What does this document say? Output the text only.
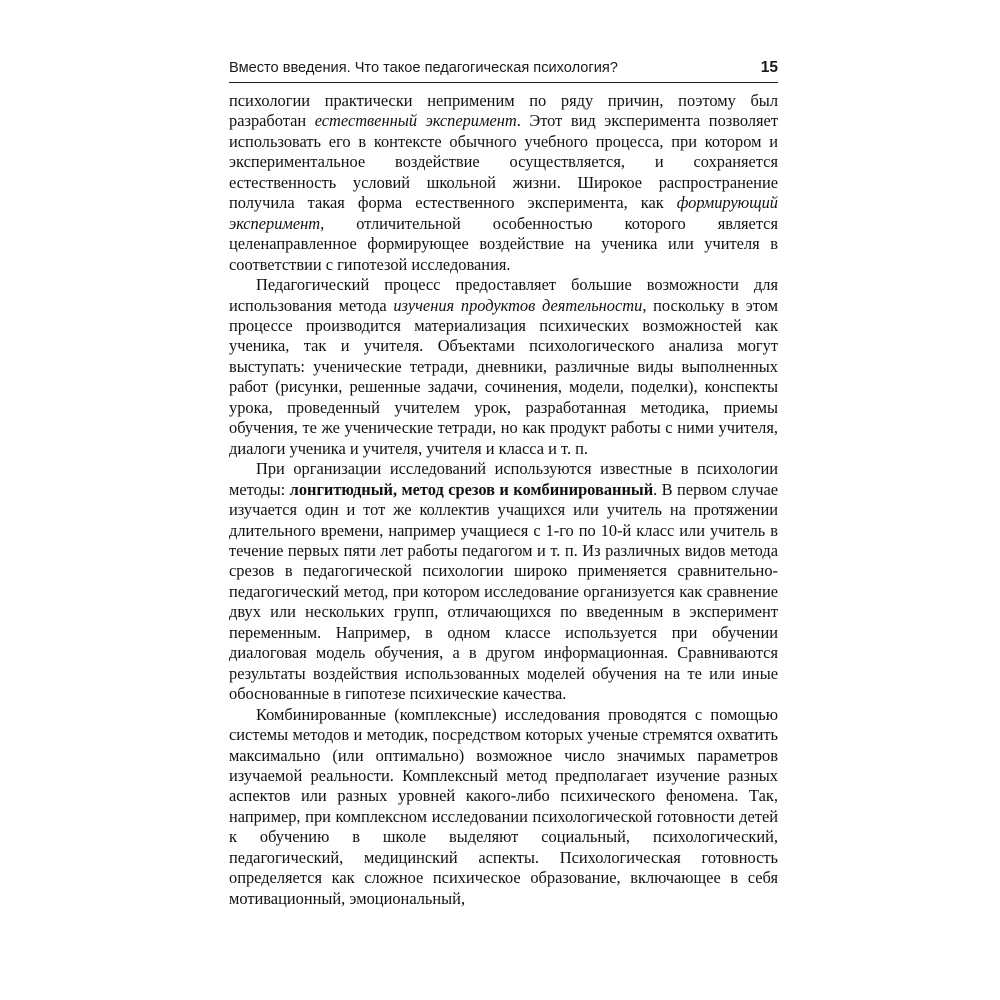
Вместо введения. Что такое педагогическая психология?	15

психологии практически неприменим по ряду причин, поэтому был разработан естественный эксперимент. Этот вид эксперимента позволяет использовать его в контексте обычного учебного процесса, при котором и экспериментальное воздействие осуществляется, и сохраняется естественность условий школьной жизни. Широкое распространение получила такая форма естественного эксперимента, как формирующий эксперимент, отличительной особенностью которого является целенаправленное формирующее воздействие на ученика или учителя в соответствии с гипотезой исследования.

Педагогический процесс предоставляет большие возможности для использования метода изучения продуктов деятельности, поскольку в этом процессе производится материализация психических возможностей как ученика, так и учителя. Объектами психологического анализа могут выступать: ученические тетради, дневники, различные виды выполненных работ (рисунки, решенные задачи, сочинения, модели, поделки), конспекты урока, проведенный учителем урок, разработанная методика, приемы обучения, те же ученические тетради, но как продукт работы с ними учителя, диалоги ученика и учителя, учителя и класса и т. п.

При организации исследований используются известные в психологии методы: лонгитюдный, метод срезов и комбинированный. В первом случае изучается один и тот же коллектив учащихся или учитель на протяжении длительного времени, например учащиеся с 1-го по 10-й класс или учитель в течение первых пяти лет работы педагогом и т. п. Из различных видов метода срезов в педагогической психологии широко применяется сравнительно-педагогический метод, при котором исследование организуется как сравнение двух или нескольких групп, отличающихся по введенным в эксперимент переменным. Например, в одном классе используется при обучении диалоговая модель обучения, а в другом информационная. Сравниваются результаты воздействия использованных моделей обучения на те или иные обоснованные в гипотезе психические качества.

Комбинированные (комплексные) исследования проводятся с помощью системы методов и методик, посредством которых ученые стремятся охватить максимально (или оптимально) возможное число значимых параметров изучаемой реальности. Комплексный метод предполагает изучение разных аспектов или разных уровней какого-либо психического феномена. Так, например, при комплексном исследовании психологической готовности детей к обучению в школе выделяют социальный, психологический, педагогический, медицинский аспекты. Психологическая готовность определяется как сложное психическое образование, включающее в себя мотивационный, эмоциональный,
